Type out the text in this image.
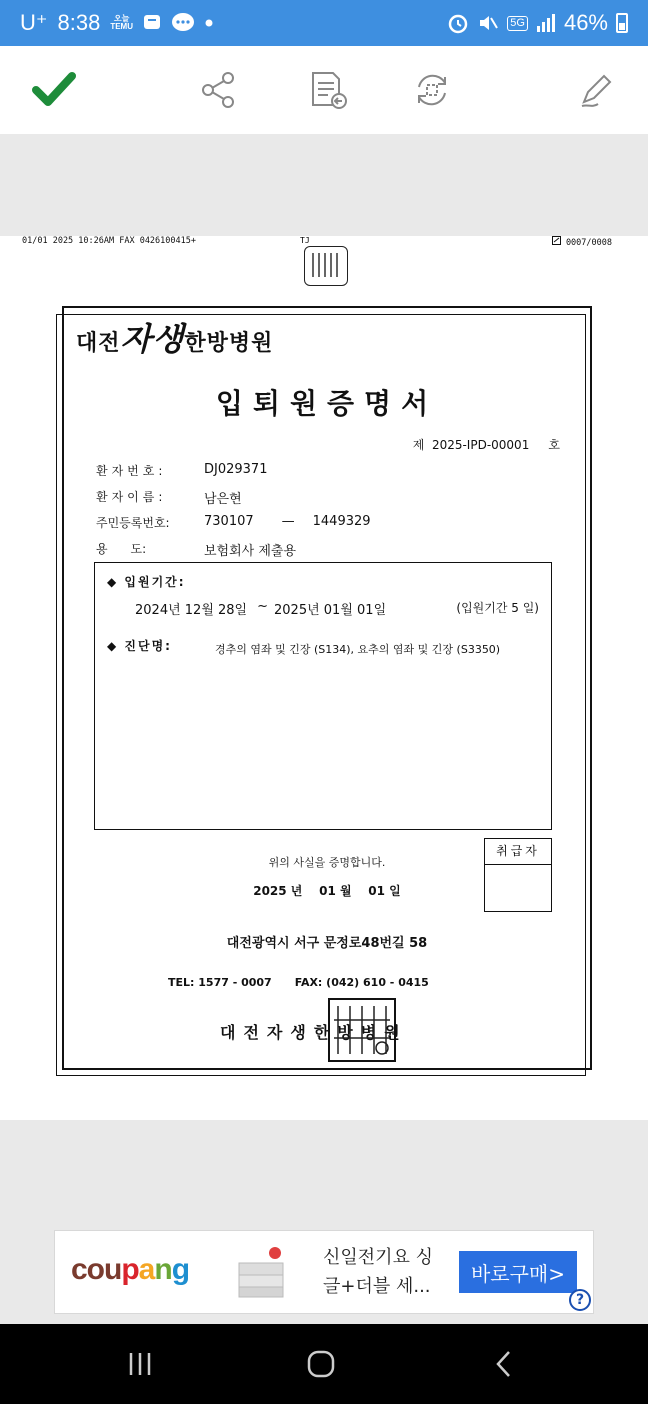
U⁺ 8:38	오늘
TEMU	5G 46%
01/01 2025 10:26AM FAX 0426100415+	0007/0008
TJ
대전자생한방병원
입퇴원증명서
제 2025-IPD-00001 호
환자번호:	DJ029371
환자이름:	남은현
주민등록번호:	730107 — 1449329
용      도:	보험회사 제출용
◆ 입원기간:
2024년 12월 28일 ~ 2025년 01월 01일	(입원기간 5 일)
◆ 진단명:	경추의 염좌 및 긴장 (S134), 요추의 염좌 및 긴장 (S3350)
취급자
위의 사실을 증명합니다.
2025 년    01 월    01 일
대전광역시 서구 문정로48번길 58
TEL: 1577 - 0007      FAX: (042) 610 - 0415
대전자생한방병원
coupang	신일전기요 싱글+더블 세...
바로구매>
?
